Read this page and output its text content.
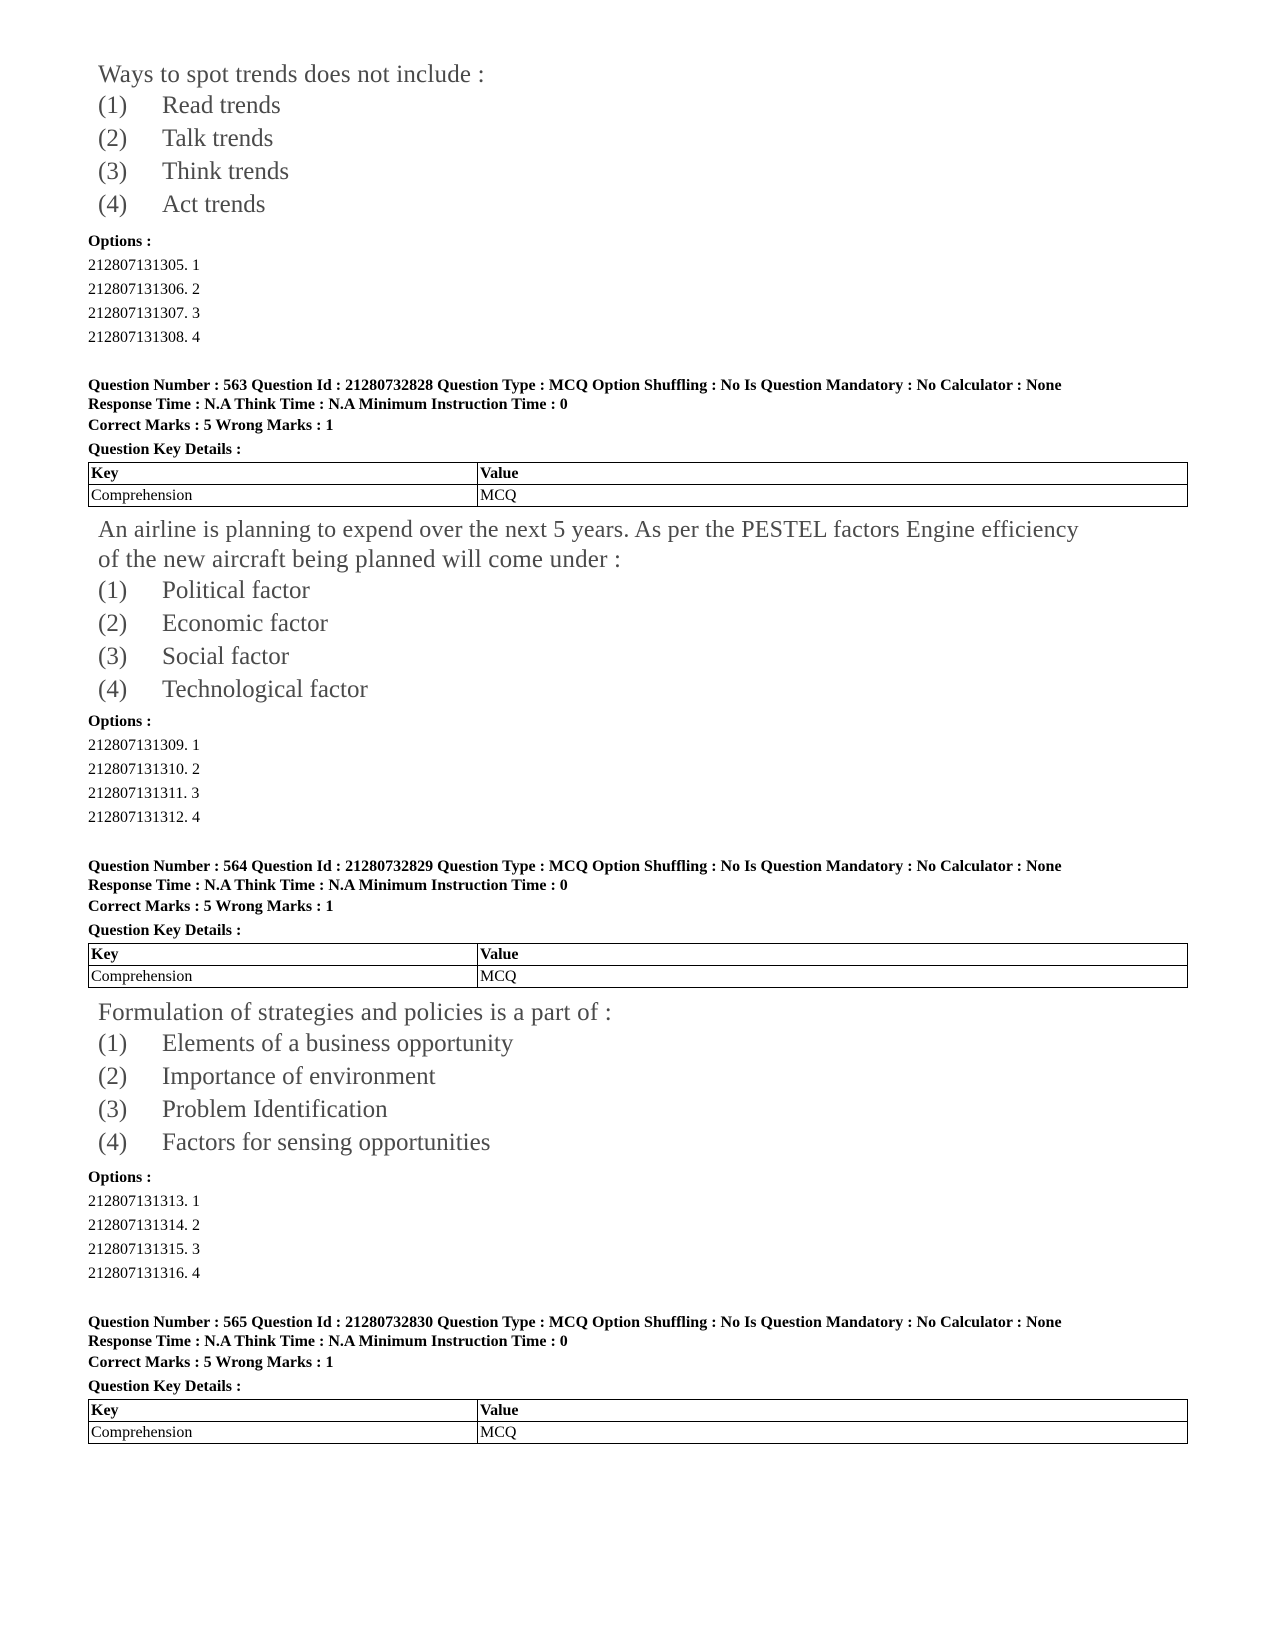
Ways to spot trends does not include :
(1)	Read trends
(2)	Talk trends
(3)	Think trends
(4)	Act trends
Options :
212807131305. 1
212807131306. 2
212807131307. 3
212807131308. 4
Question Number : 563 Question Id : 21280732828 Question Type : MCQ Option Shuffling : No Is Question Mandatory : No Calculator : None
Response Time : N.A Think Time : N.A Minimum Instruction Time : 0
Correct Marks : 5 Wrong Marks : 1
Question Key Details :
Key	Value
Comprehension	MCQ
An airline is planning to expend over the next 5 years. As per the PESTEL factors Engine efficiency
of the new aircraft being planned will come under :
(1)	Political factor
(2)	Economic factor
(3)	Social factor
(4)	Technological factor
Options :
212807131309. 1
212807131310. 2
212807131311. 3
212807131312. 4
Question Number : 564 Question Id : 21280732829 Question Type : MCQ Option Shuffling : No Is Question Mandatory : No Calculator : None
Response Time : N.A Think Time : N.A Minimum Instruction Time : 0
Correct Marks : 5 Wrong Marks : 1
Question Key Details :
Key	Value
Comprehension	MCQ
Formulation of strategies and policies is a part of :
(1)	Elements of a business opportunity
(2)	Importance of environment
(3)	Problem Identification
(4)	Factors for sensing opportunities
Options :
212807131313. 1
212807131314. 2
212807131315. 3
212807131316. 4
Question Number : 565 Question Id : 21280732830 Question Type : MCQ Option Shuffling : No Is Question Mandatory : No Calculator : None
Response Time : N.A Think Time : N.A Minimum Instruction Time : 0
Correct Marks : 5 Wrong Marks : 1
Question Key Details :
Key	Value
Comprehension	MCQ
